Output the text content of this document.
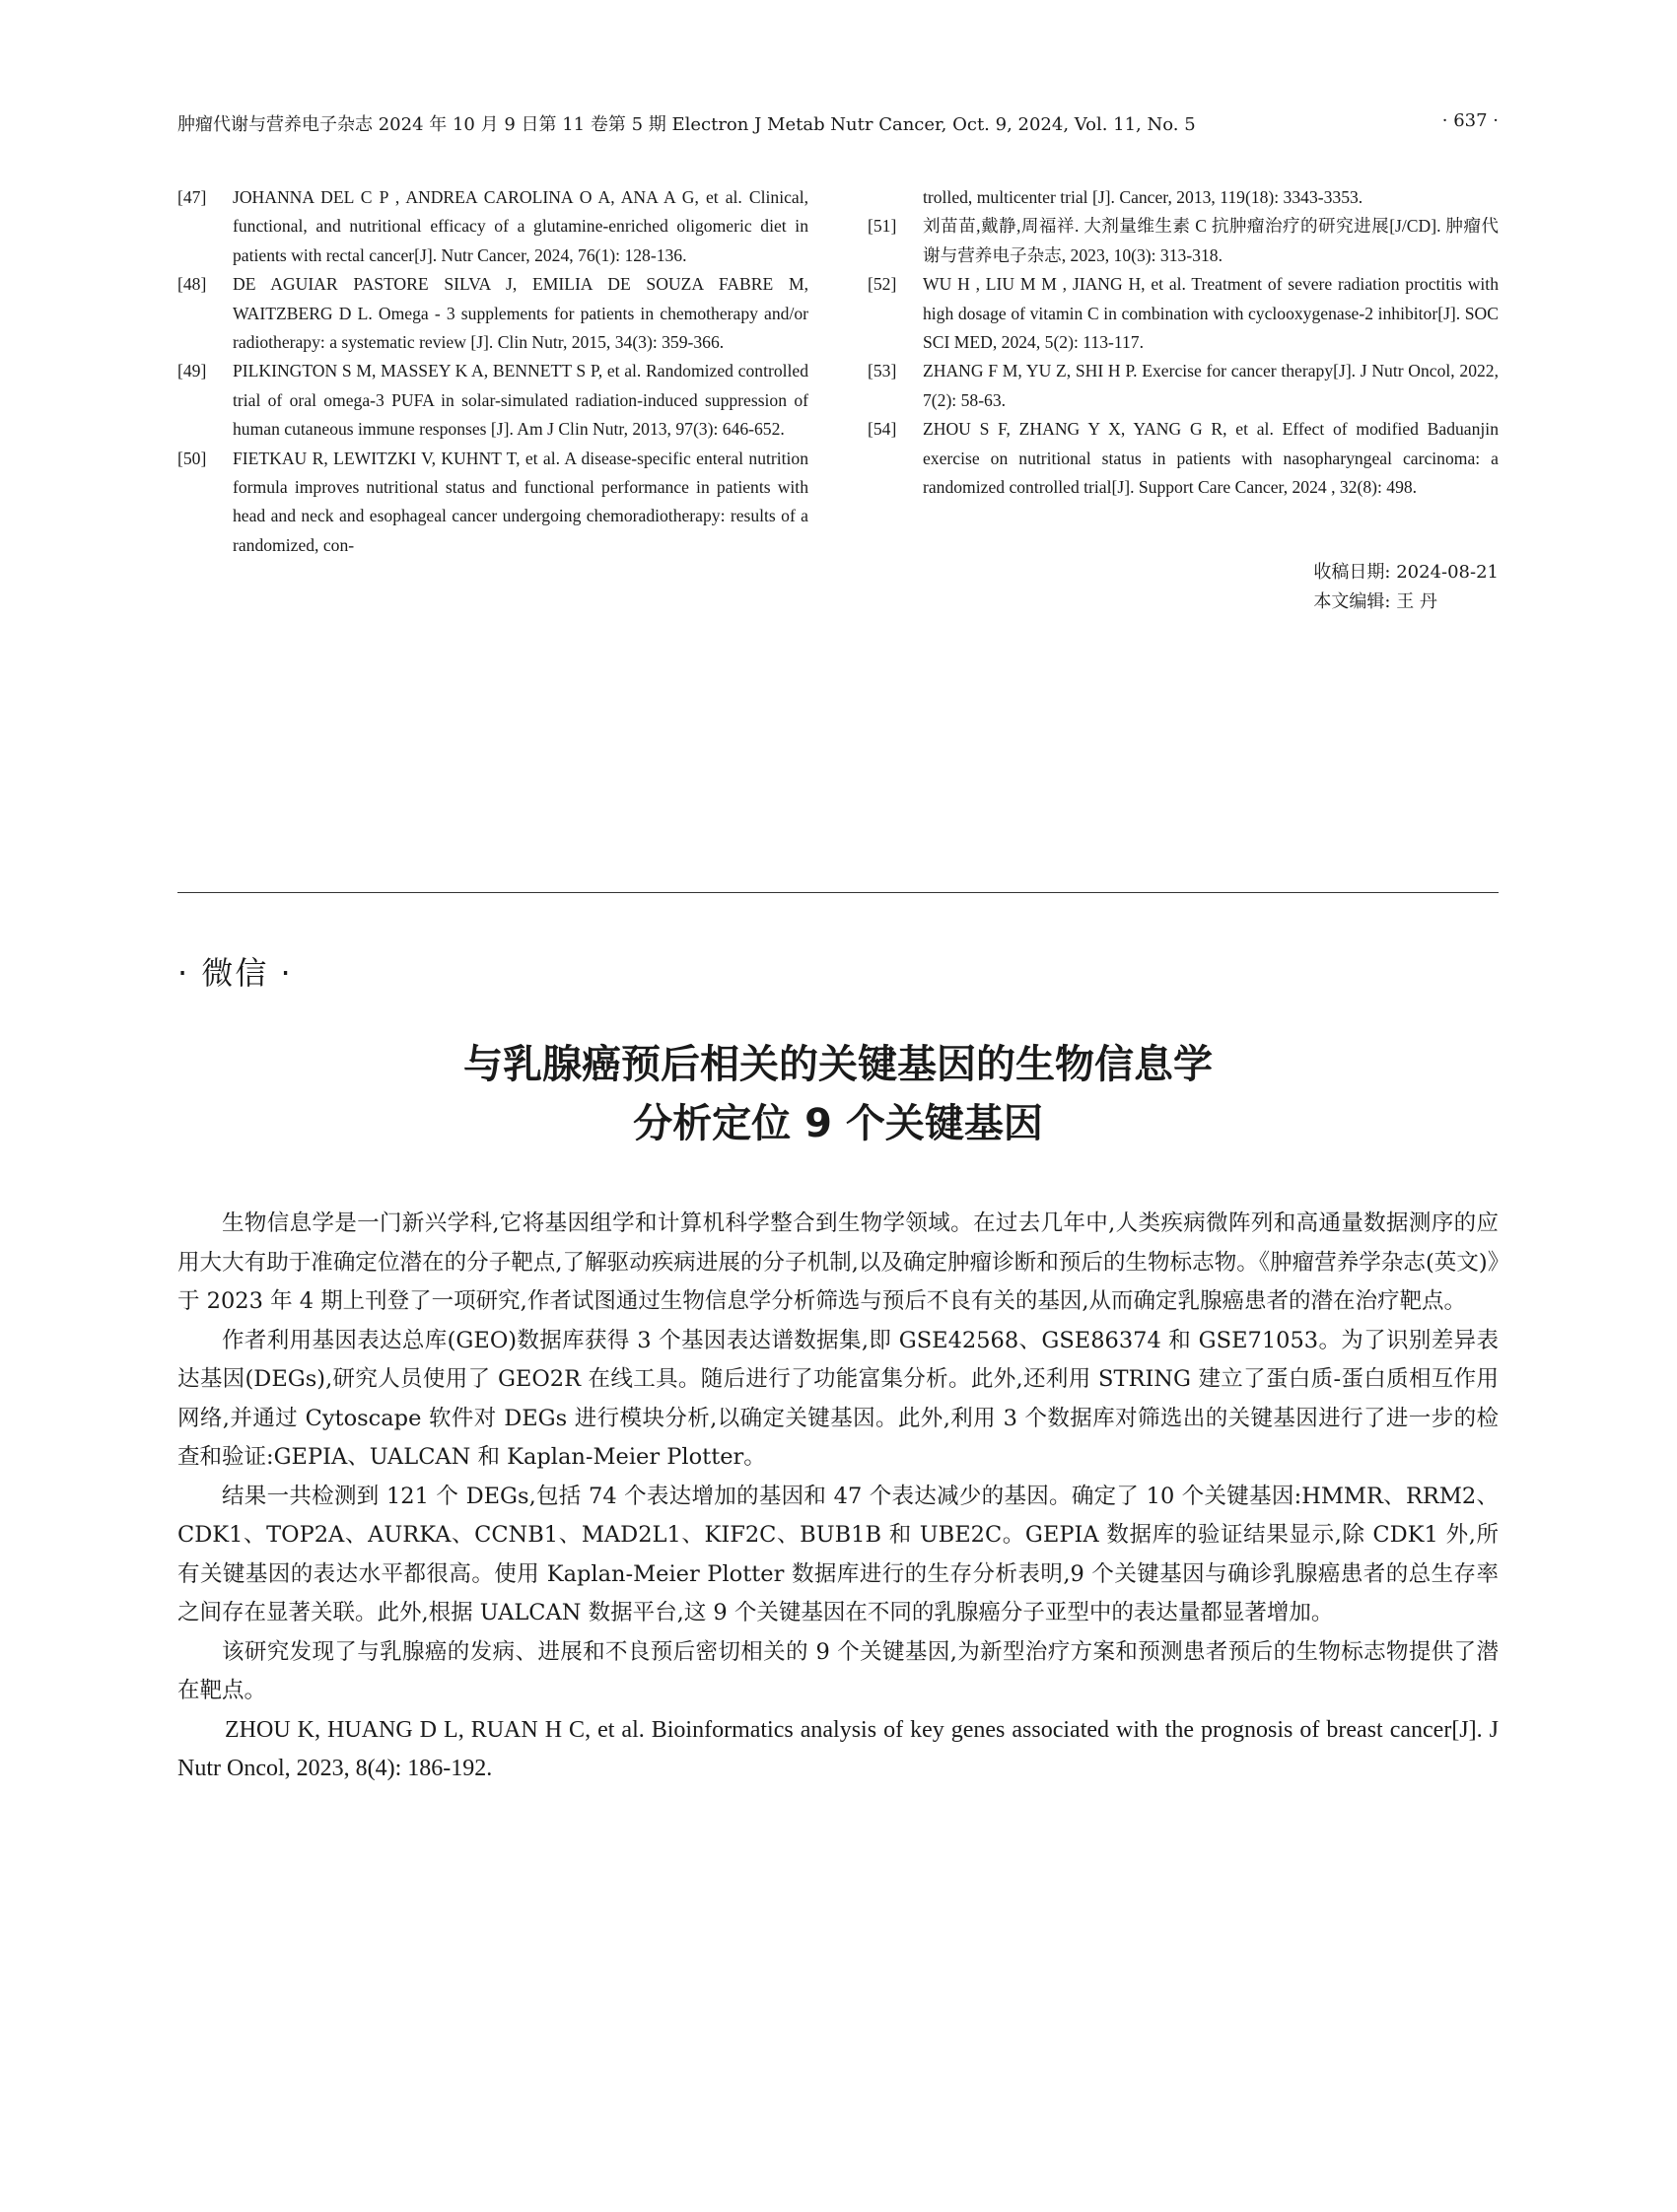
肿瘤代谢与营养电子杂志 2024 年 10 月 9 日第 11 卷第 5 期 Electron J Metab Nutr Cancer, Oct. 9, 2024, Vol. 11, No. 5	· 637 ·
[47] JOHANNA DEL C P , ANDREA CAROLINA O A, ANA A G, et al. Clinical, functional, and nutritional efficacy of a glutamine-enriched oligomeric diet in patients with rectal cancer[J]. Nutr Cancer, 2024, 76(1): 128-136.
[48] DE AGUIAR PASTORE SILVA J, EMILIA DE SOUZA FABRE M, WAITZBERG D L. Omega - 3 supplements for patients in chemotherapy and/or radiotherapy: a systematic review [J]. Clin Nutr, 2015, 34(3): 359-366.
[49] PILKINGTON S M, MASSEY K A, BENNETT S P, et al. Randomized controlled trial of oral omega-3 PUFA in solar-simulated radiation-induced suppression of human cutaneous immune responses [J]. Am J Clin Nutr, 2013, 97(3): 646-652.
[50] FIETKAU R, LEWITZKI V, KUHNT T, et al. A disease-specific enteral nutrition formula improves nutritional status and functional performance in patients with head and neck and esophageal cancer undergoing chemoradiotherapy: results of a randomized, con-
trolled, multicenter trial [J]. Cancer, 2013, 119(18): 3343-3353.
[51] 刘苗苗,戴静,周福祥. 大剂量维生素 C 抗肿瘤治疗的研究进展[J/CD]. 肿瘤代谢与营养电子杂志, 2023, 10(3): 313-318.
[52] WU H , LIU M M , JIANG H, et al. Treatment of severe radiation proctitis with high dosage of vitamin C in combination with cyclooxygenase-2 inhibitor[J]. SOC SCI MED, 2024, 5(2): 113-117.
[53] ZHANG F M, YU Z, SHI H P. Exercise for cancer therapy[J]. J Nutr Oncol, 2022, 7(2): 58-63.
[54] ZHOU S F, ZHANG Y X, YANG G R, et al. Effect of modified Baduanjin exercise on nutritional status in patients with nasopharyngeal carcinoma: a randomized controlled trial[J]. Support Care Cancer, 2024 , 32(8): 498.
收稿日期: 2024-08-21
本文编辑: 王 丹
· 微信 ·
与乳腺癌预后相关的关键基因的生物信息学
分析定位 9 个关键基因

生物信息学是一门新兴学科,它将基因组学和计算机科学整合到生物学领域。在过去几年中,人类疾病微阵列和高通量数据测序的应用大大有助于准确定位潜在的分子靶点,了解驱动疾病进展的分子机制,以及确定肿瘤诊断和预后的生物标志物。《肿瘤营养学杂志(英文)》于 2023 年 4 期上刊登了一项研究,作者试图通过生物信息学分析筛选与预后不良有关的基因,从而确定乳腺癌患者的潜在治疗靶点。

作者利用基因表达总库(GEO)数据库获得 3 个基因表达谱数据集,即 GSE42568、GSE86374 和 GSE71053。为了识别差异表达基因(DEGs),研究人员使用了 GEO2R 在线工具。随后进行了功能富集分析。此外,还利用 STRING 建立了蛋白质-蛋白质相互作用网络,并通过 Cytoscape 软件对 DEGs 进行模块分析,以确定关键基因。此外,利用 3 个数据库对筛选出的关键基因进行了进一步的检查和验证:GEPIA、UALCAN 和 Kaplan-Meier Plotter。

结果一共检测到 121 个 DEGs,包括 74 个表达增加的基因和 47 个表达减少的基因。确定了 10 个关键基因:HMMR、RRM2、CDK1、TOP2A、AURKA、CCNB1、MAD2L1、KIF2C、BUB1B 和 UBE2C。GEPIA 数据库的验证结果显示,除 CDK1 外,所有关键基因的表达水平都很高。使用 Kaplan-Meier Plotter 数据库进行的生存分析表明,9 个关键基因与确诊乳腺癌患者的总生存率之间存在显著关联。此外,根据 UALCAN 数据平台,这 9 个关键基因在不同的乳腺癌分子亚型中的表达量都显著增加。

该研究发现了与乳腺癌的发病、进展和不良预后密切相关的 9 个关键基因,为新型治疗方案和预测患者预后的生物标志物提供了潜在靶点。

ZHOU K, HUANG D L, RUAN H C, et al. Bioinformatics analysis of key genes associated with the prognosis of breast cancer[J]. J Nutr Oncol, 2023, 8(4): 186-192.
